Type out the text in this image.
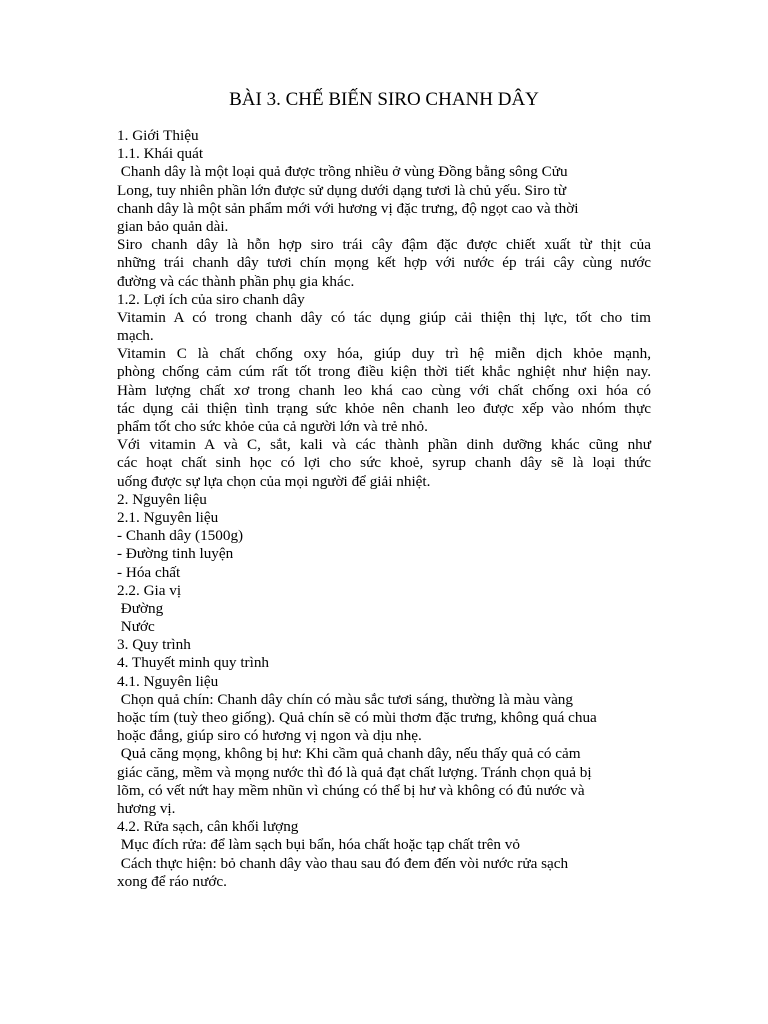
BÀI 3. CHẾ BIẾN SIRO CHANH DÂY
1. Giới Thiệu
1.1. Khái quát
Chanh dây là một loại quả được trồng nhiều ở vùng Đồng bằng sông Cửu
Long, tuy nhiên phần lớn được sử dụng dưới dạng tươi là chủ yếu. Siro từ
chanh dây là một sản phẩm mới với hương vị đặc trưng, độ ngọt cao và thời
gian bảo quản dài.
Siro chanh dây là hỗn hợp siro trái cây đậm đặc được chiết xuất từ thịt của
những trái chanh dây tươi chín mọng kết hợp với nước ép trái cây cùng nước
đường và các thành phần phụ gia khác.
1.2. Lợi ích của siro chanh dây
Vitamin A có trong chanh dây có tác dụng giúp cải thiện thị lực, tốt cho tim
mạch.
Vitamin C là chất chống oxy hóa, giúp duy trì hệ miễn dịch khỏe mạnh,
phòng chống cảm cúm rất tốt trong điều kiện thời tiết khắc nghiệt như hiện nay.
Hàm lượng chất xơ trong chanh leo khá cao cùng với chất chống oxi hóa có
tác dụng cải thiện tình trạng sức khỏe nên chanh leo được xếp vào nhóm thực
phẩm tốt cho sức khỏe của cả người lớn và trẻ nhỏ.
Với vitamin A và C, sắt, kali và các thành phần dinh dưỡng khác cũng như
các hoạt chất sinh học có lợi cho sức khoẻ, syrup chanh dây sẽ là loại thức
uống được sự lựa chọn của mọi người để giải nhiệt.
2. Nguyên liệu
2.1. Nguyên liệu
- Chanh dây (1500g)
- Đường tinh luyện
- Hóa chất
2.2. Gia vị
Đường
Nước
3. Quy trình
4. Thuyết minh quy trình
4.1. Nguyên liệu
Chọn quả chín: Chanh dây chín có màu sắc tươi sáng, thường là màu vàng
hoặc tím (tuỳ theo giống). Quả chín sẽ có mùi thơm đặc trưng, không quá chua
hoặc đắng, giúp siro có hương vị ngon và dịu nhẹ.
Quả căng mọng, không bị hư: Khi cầm quả chanh dây, nếu thấy quả có cảm
giác căng, mềm và mọng nước thì đó là quả đạt chất lượng. Tránh chọn quả bị
lõm, có vết nứt hay mềm nhũn vì chúng có thể bị hư và không có đủ nước và
hương vị.
4.2. Rửa sạch, cân khối lượng
Mục đích rửa: để làm sạch bụi bẩn, hóa chất hoặc tạp chất trên vỏ
Cách thực hiện: bỏ chanh dây vào thau sau đó đem đến vòi nước rửa sạch
xong để ráo nước.
